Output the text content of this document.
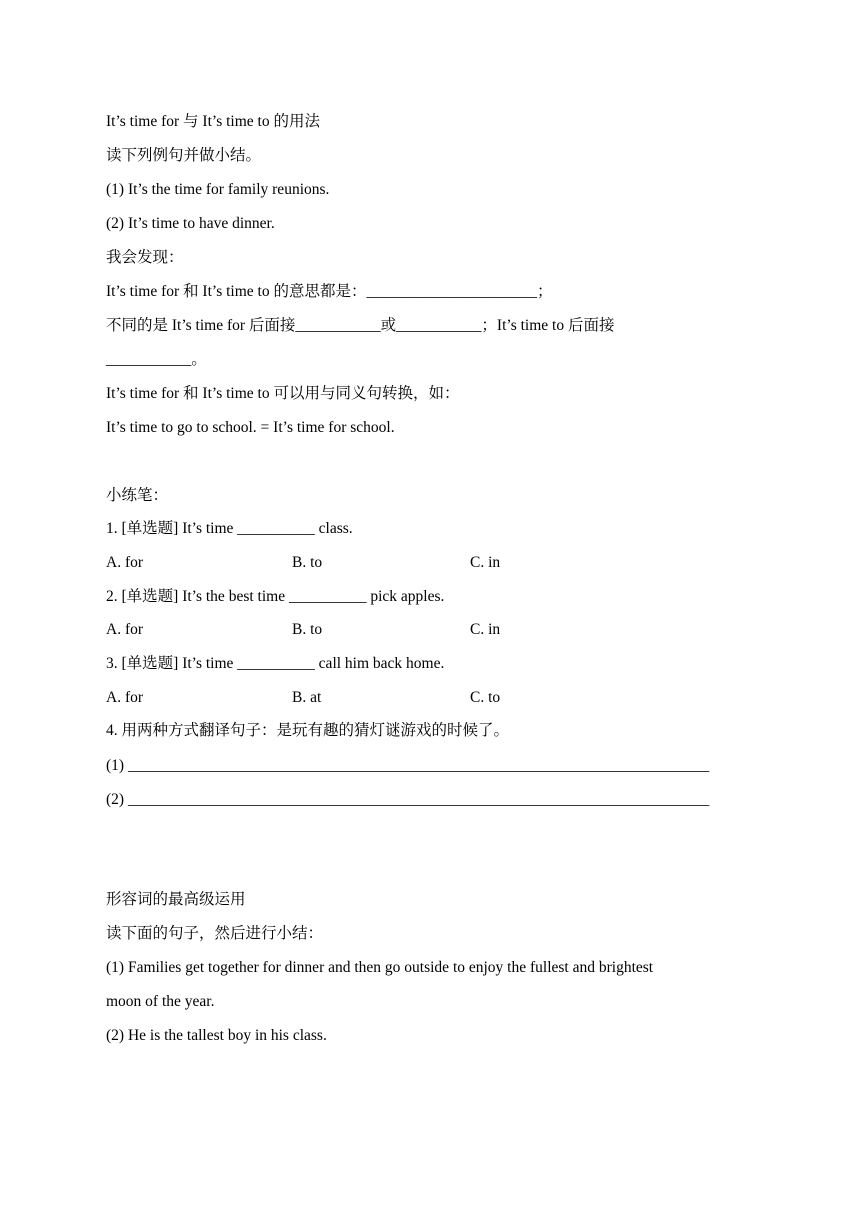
It’s time for 与 It’s time to 的用法
读下列例句并做小结。
(1) It’s the time for family reunions.
(2) It’s time to have dinner.
我会发现：
It’s time for 和 It’s time to 的意思都是：______________________；
不同的是 It’s time for 后面接___________或___________；It’s time to 后面接
___________。
It’s time for 和 It’s time to 可以用与同义句转换，如：
It’s time to go to school. = It’s time for school.
小练笔：
1. [单选题] It’s time __________ class.
A. for	B. to	C. in
2. [单选题] It’s the best time __________ pick apples.
A. for	B. to	C. in
3. [单选题] It’s time __________ call him back home.
A. for	B. at	C. to
4. 用两种方式翻译句子：是玩有趣的猜灯谜游戏的时候了。
(1) ___________________________________________________________________________
(2) ___________________________________________________________________________
形容词的最高级运用
读下面的句子，然后进行小结：
(1) Families get together for dinner and then go outside to enjoy the fullest and brightest
moon of the year.
(2) He is the tallest boy in his class.
